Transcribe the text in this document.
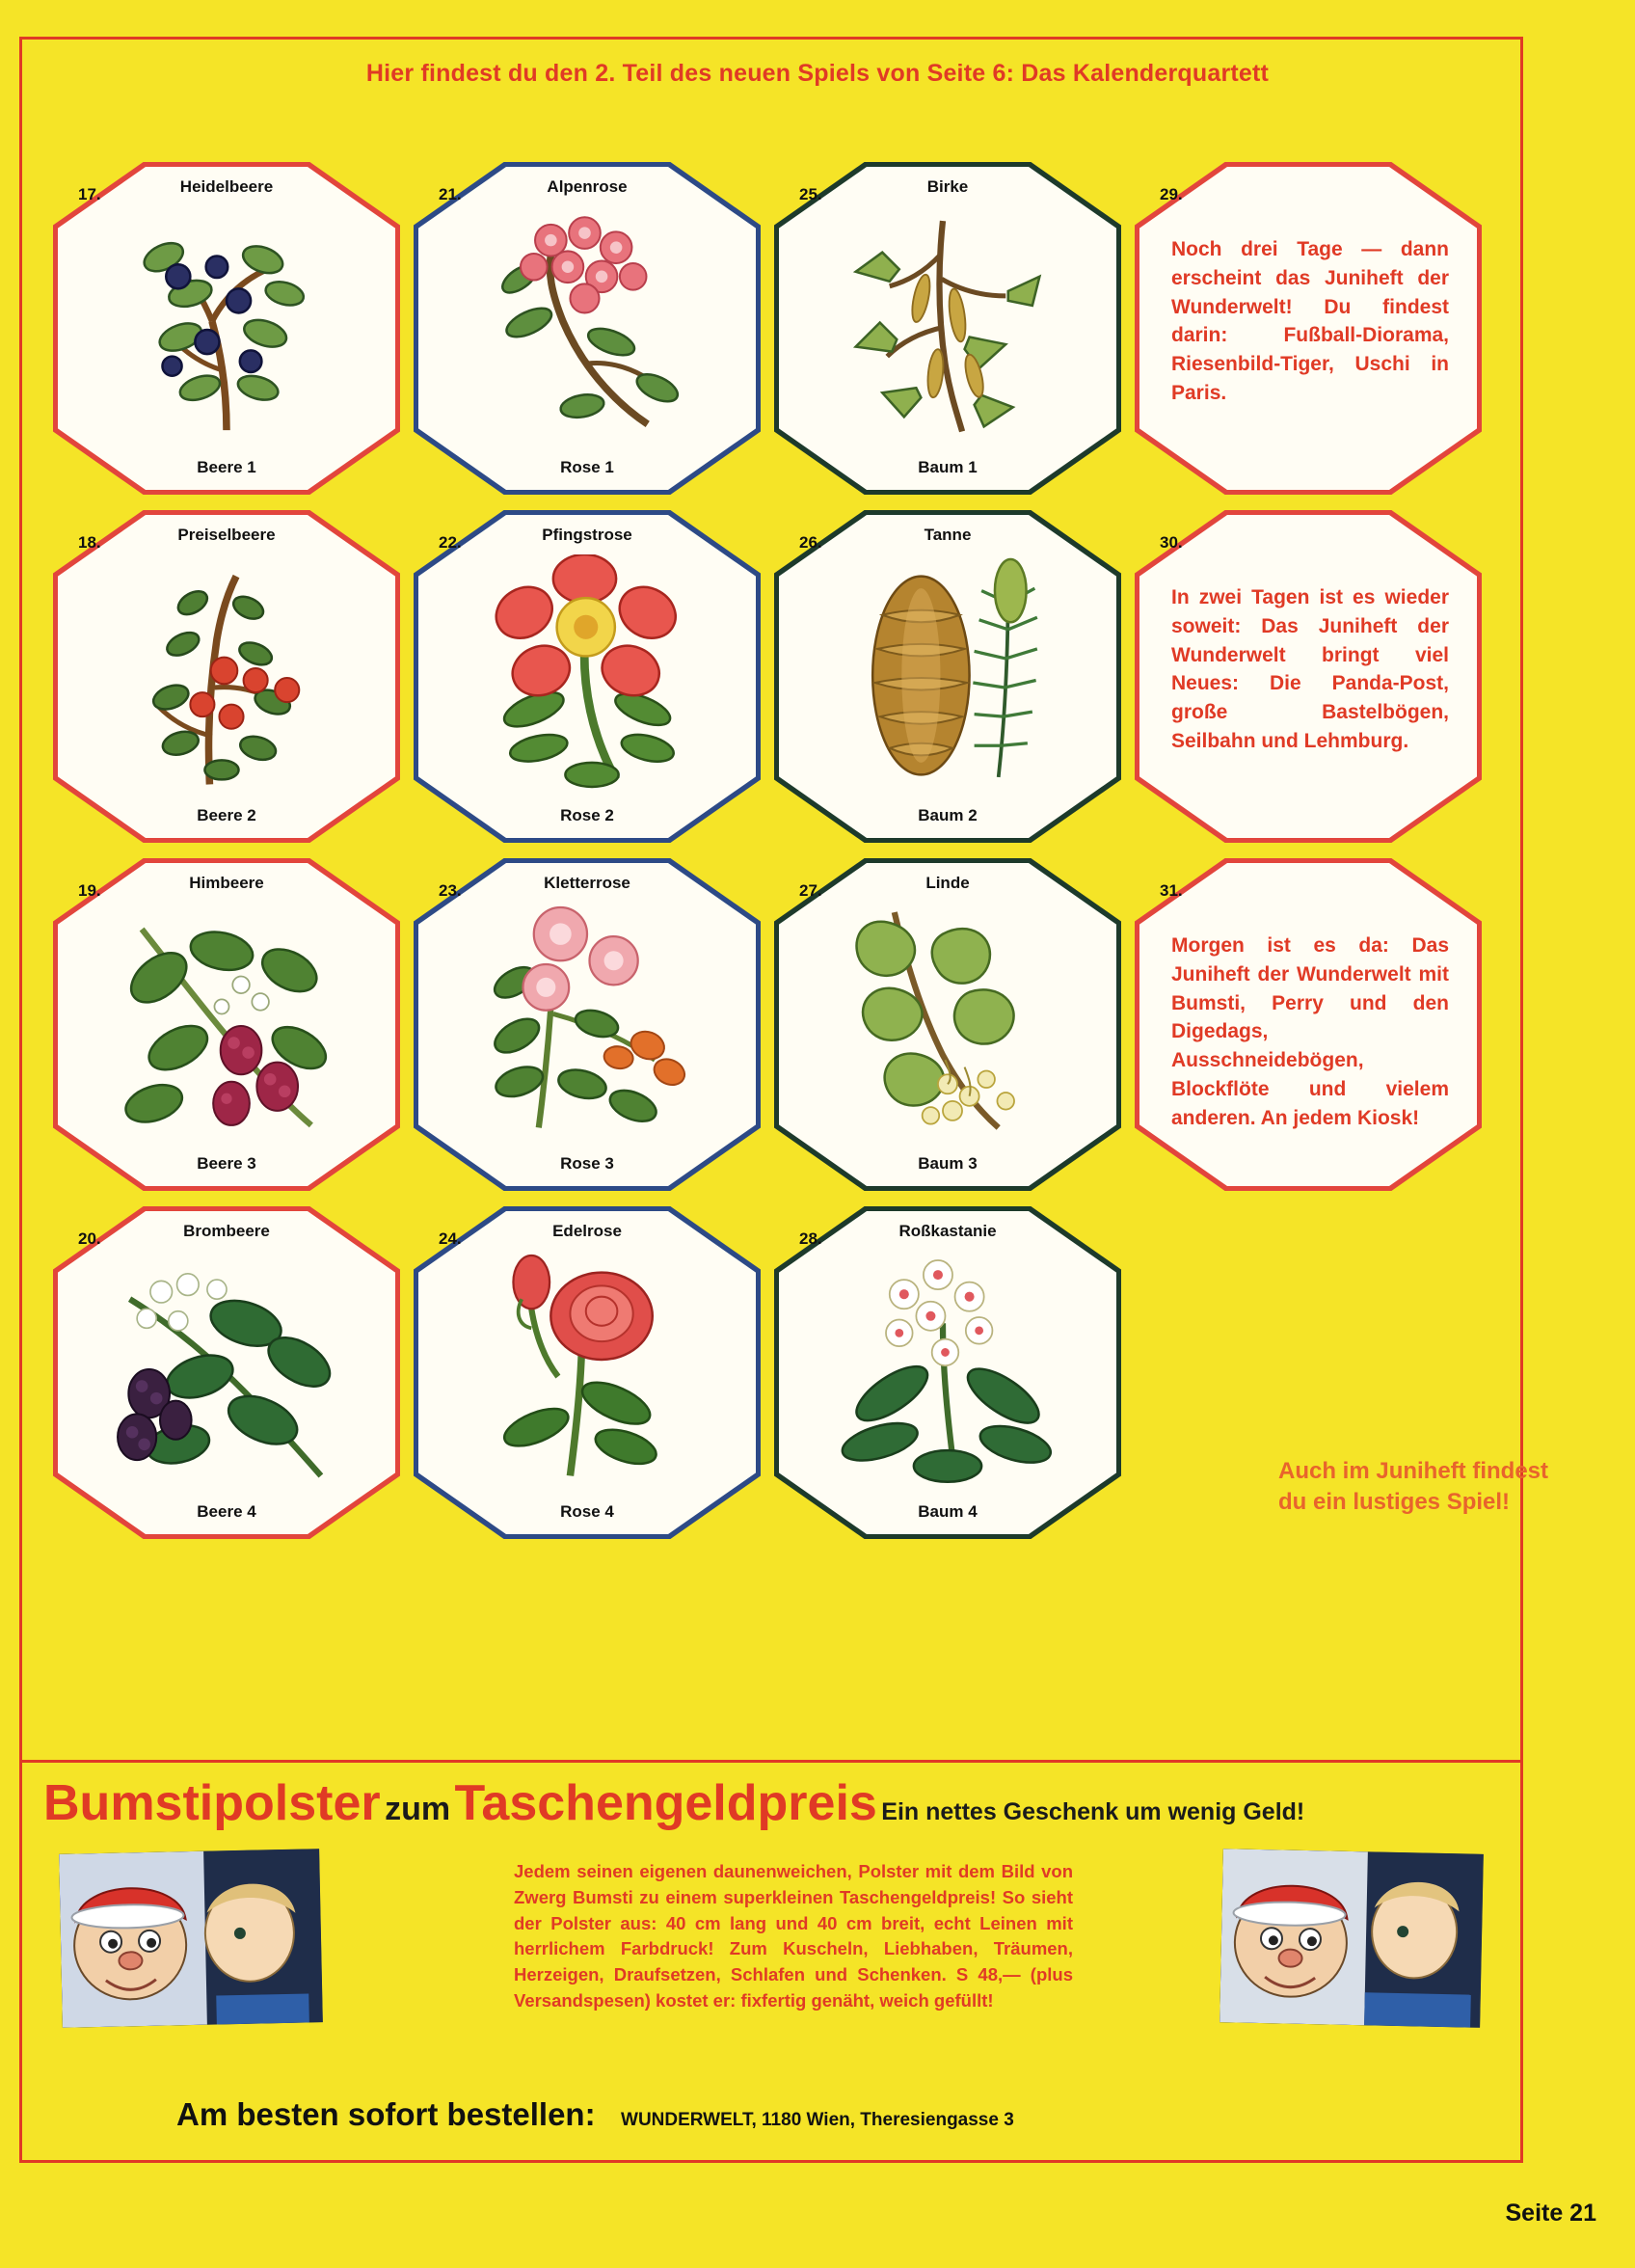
Hier findest du den 2. Teil des neuen Spiels von Seite 6: Das Kalenderquartett
17.	Heidelbeere
Beere 1
21.	Alpenrose
Rose 1
25.	Birke
Baum 1
29.
Noch drei Tage — dann erscheint das Juniheft der Wunderwelt! Du findest darin: Fußball-Diorama, Riesenbild-Tiger, Uschi in Paris.
18.	Preiselbeere
Beere 2
22.	Pfingstrose
Rose 2
26.	Tanne
Baum 2
30.
In zwei Tagen ist es wieder soweit: Das Juniheft der Wunderwelt bringt viel Neues: Die Panda-Post, große Bastelbögen, Seilbahn und Lehmburg.
19.	Himbeere
Beere 3
23.	Kletterrose
Rose 3
27.	Linde
Baum 3
31.
Morgen ist es da: Das Juniheft der Wunderwelt mit Bumsti, Perry und den Digedags, Ausschneidebögen, Blockflöte und vielem anderen. An jedem Kiosk!
20.	Brombeere
Beere 4
24.	Edelrose
Rose 4
28.	Roßkastanie
Baum 4
Auch im Juniheft findest du ein lustiges Spiel!
Bumstipolster zum Taschengeldpreis Ein nettes Geschenk um wenig Geld!
Jedem seinen eigenen daunenweichen, Polster mit dem Bild von Zwerg Bumsti zu einem superkleinen Taschengeldpreis! So sieht der Polster aus: 40 cm lang und 40 cm breit, echt Leinen mit herrlichem Farbdruck! Zum Kuscheln, Liebhaben, Träumen, Herzeigen, Draufsetzen, Schlafen und Schenken. S 48,— (plus Versandspesen) kostet er: fixfertig genäht, weich gefüllt!
Am besten sofort bestellen: WUNDERWELT, 1180 Wien, Theresiengasse 3
Seite 21
